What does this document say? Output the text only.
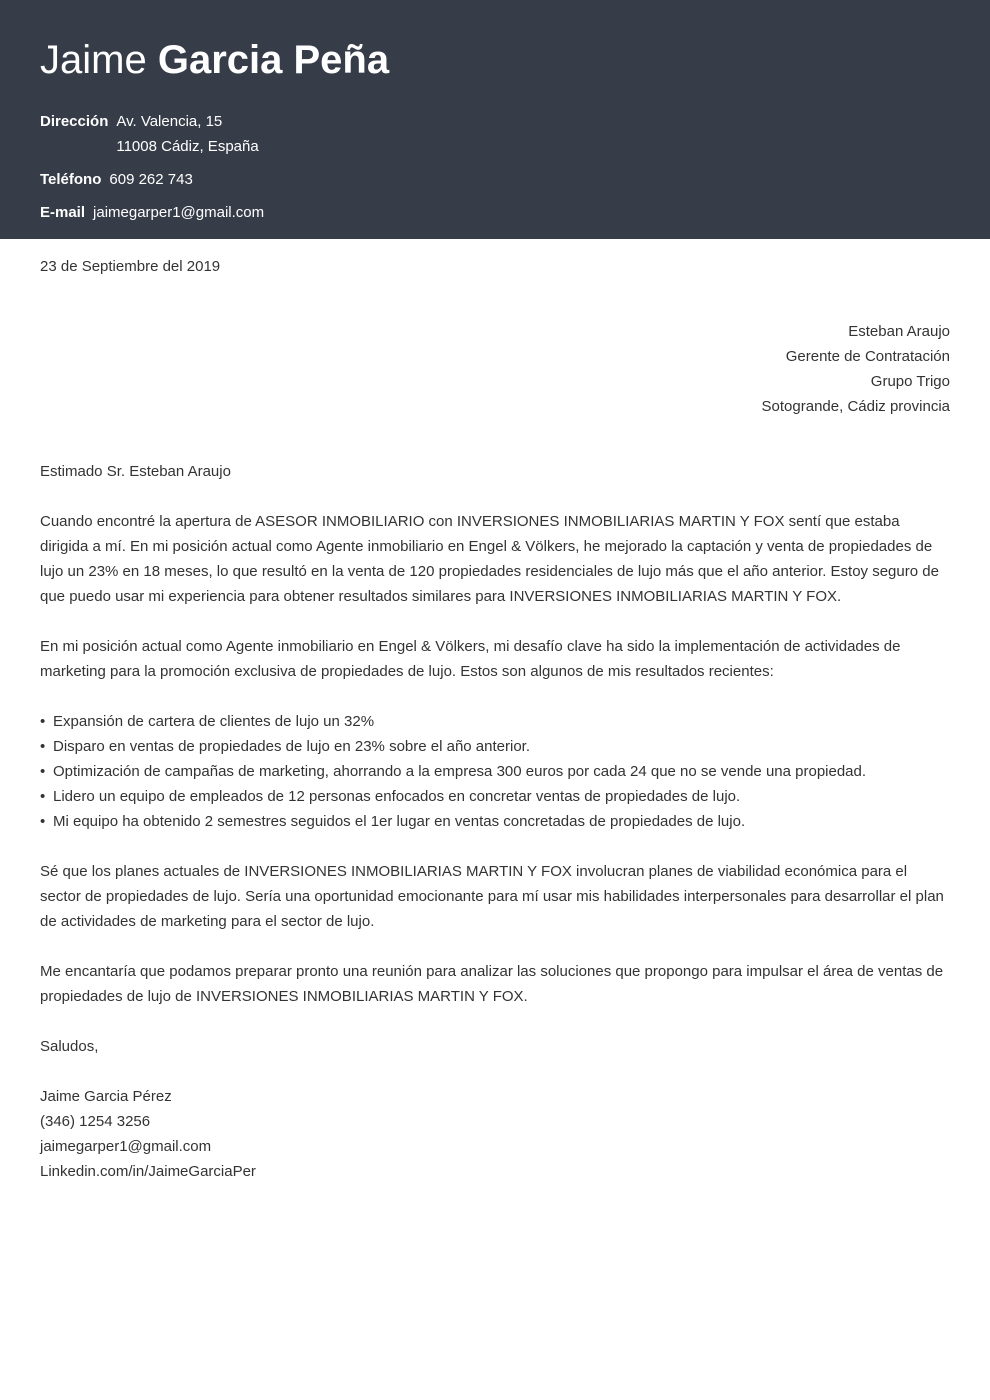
Jaime Garcia Peña
Dirección Av. Valencia, 15
11008 Cádiz, España
Teléfono 609 262 743
E-mail jaimegarper1@gmail.com
23 de Septiembre del 2019
Esteban Araujo
Gerente de Contratación
Grupo Trigo
Sotogrande, Cádiz provincia
Estimado Sr. Esteban Araujo

Cuando encontré la apertura de ASESOR INMOBILIARIO con INVERSIONES INMOBILIARIAS MARTIN Y FOX sentí que estaba dirigida a mí. En mi posición actual como Agente inmobiliario en Engel & Völkers, he mejorado la captación y venta de propiedades de lujo un 23% en 18 meses, lo que resultó en la venta de 120 propiedades residenciales de lujo más que el año anterior. Estoy seguro de que puedo usar mi experiencia para obtener resultados similares para INVERSIONES INMOBILIARIAS MARTIN Y FOX.

En mi posición actual como Agente inmobiliario en Engel & Völkers, mi desafío clave ha sido la implementación de actividades de marketing para la promoción exclusiva de propiedades de lujo. Estos son algunos de mis resultados recientes:

• Expansión de cartera de clientes de lujo un 32%
• Disparo en ventas de propiedades de lujo en 23% sobre el año anterior.
• Optimización de campañas de marketing, ahorrando a la empresa 300 euros por cada 24 que no se vende una propiedad.
• Lidero un equipo de empleados de 12 personas enfocados en concretar ventas de propiedades de lujo.
• Mi equipo ha obtenido 2 semestres seguidos el 1er lugar en ventas concretadas de propiedades de lujo.

Sé que los planes actuales de INVERSIONES INMOBILIARIAS MARTIN Y FOX involucran planes de viabilidad económica para el sector de propiedades de lujo. Sería una oportunidad emocionante para mí usar mis habilidades interpersonales para desarrollar el plan de actividades de marketing para el sector de lujo.

Me encantaría que podamos preparar pronto una reunión para analizar las soluciones que propongo para impulsar el área de ventas de propiedades de lujo de INVERSIONES INMOBILIARIAS MARTIN Y FOX.

Saludos,
Jaime Garcia Pérez
(346) 1254 3256
jaimegarper1@gmail.com
Linkedin.com/in/JaimeGarciaPer
